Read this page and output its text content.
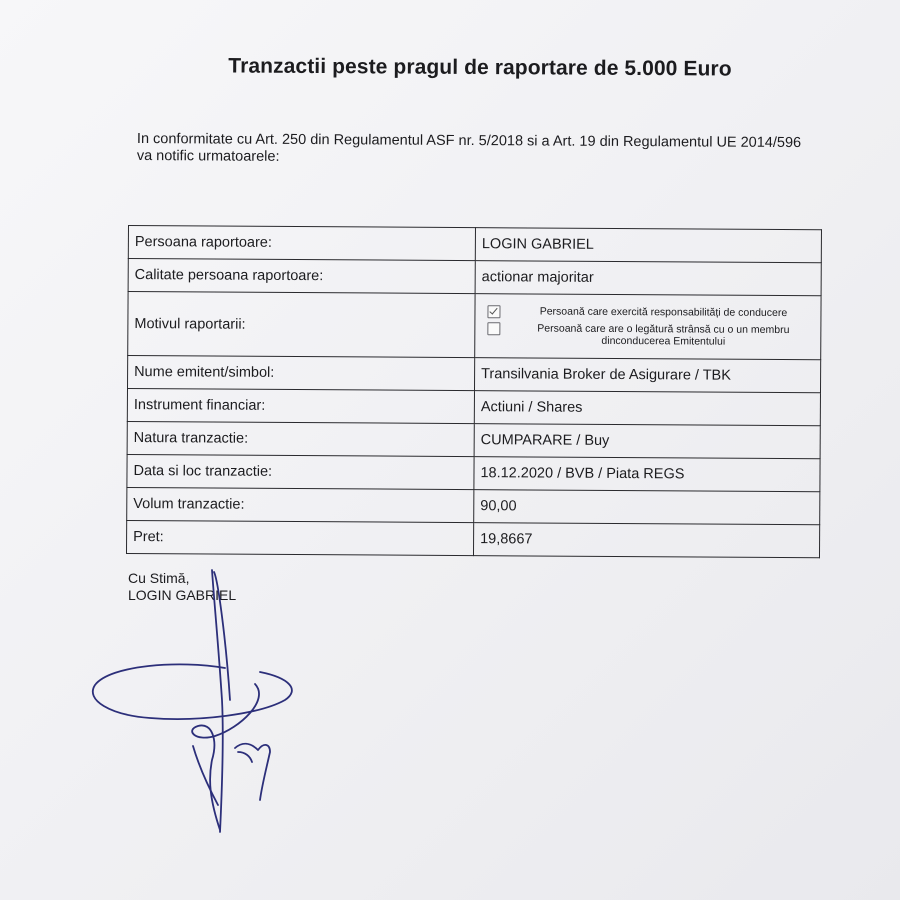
Tranzactii peste pragul de raportare de 5.000 Euro
In conformitate cu Art. 250 din Regulamentul ASF nr. 5/2018 si a Art. 19 din Regulamentul UE 2014/596
va notific urmatoarele:
Persoana raportoare:	LOGIN GABRIEL
Calitate persoana raportoare:	actionar majoritar
Motivul raportarii:	Persoană care exercită responsabilități de conducere
Persoană care are o legătură strânsă cu o un membru
dinconducerea Emitentului

Nume emitent/simbol:	Transilvania Broker de Asigurare / TBK
Instrument financiar:	Actiuni / Shares
Natura tranzactie:	CUMPARARE / Buy
Data si loc tranzactie:	18.12.2020 / BVB / Piata REGS
Volum tranzactie:	90,00
Pret:	19,8667
Cu Stimă,
LOGIN GABRIEL
